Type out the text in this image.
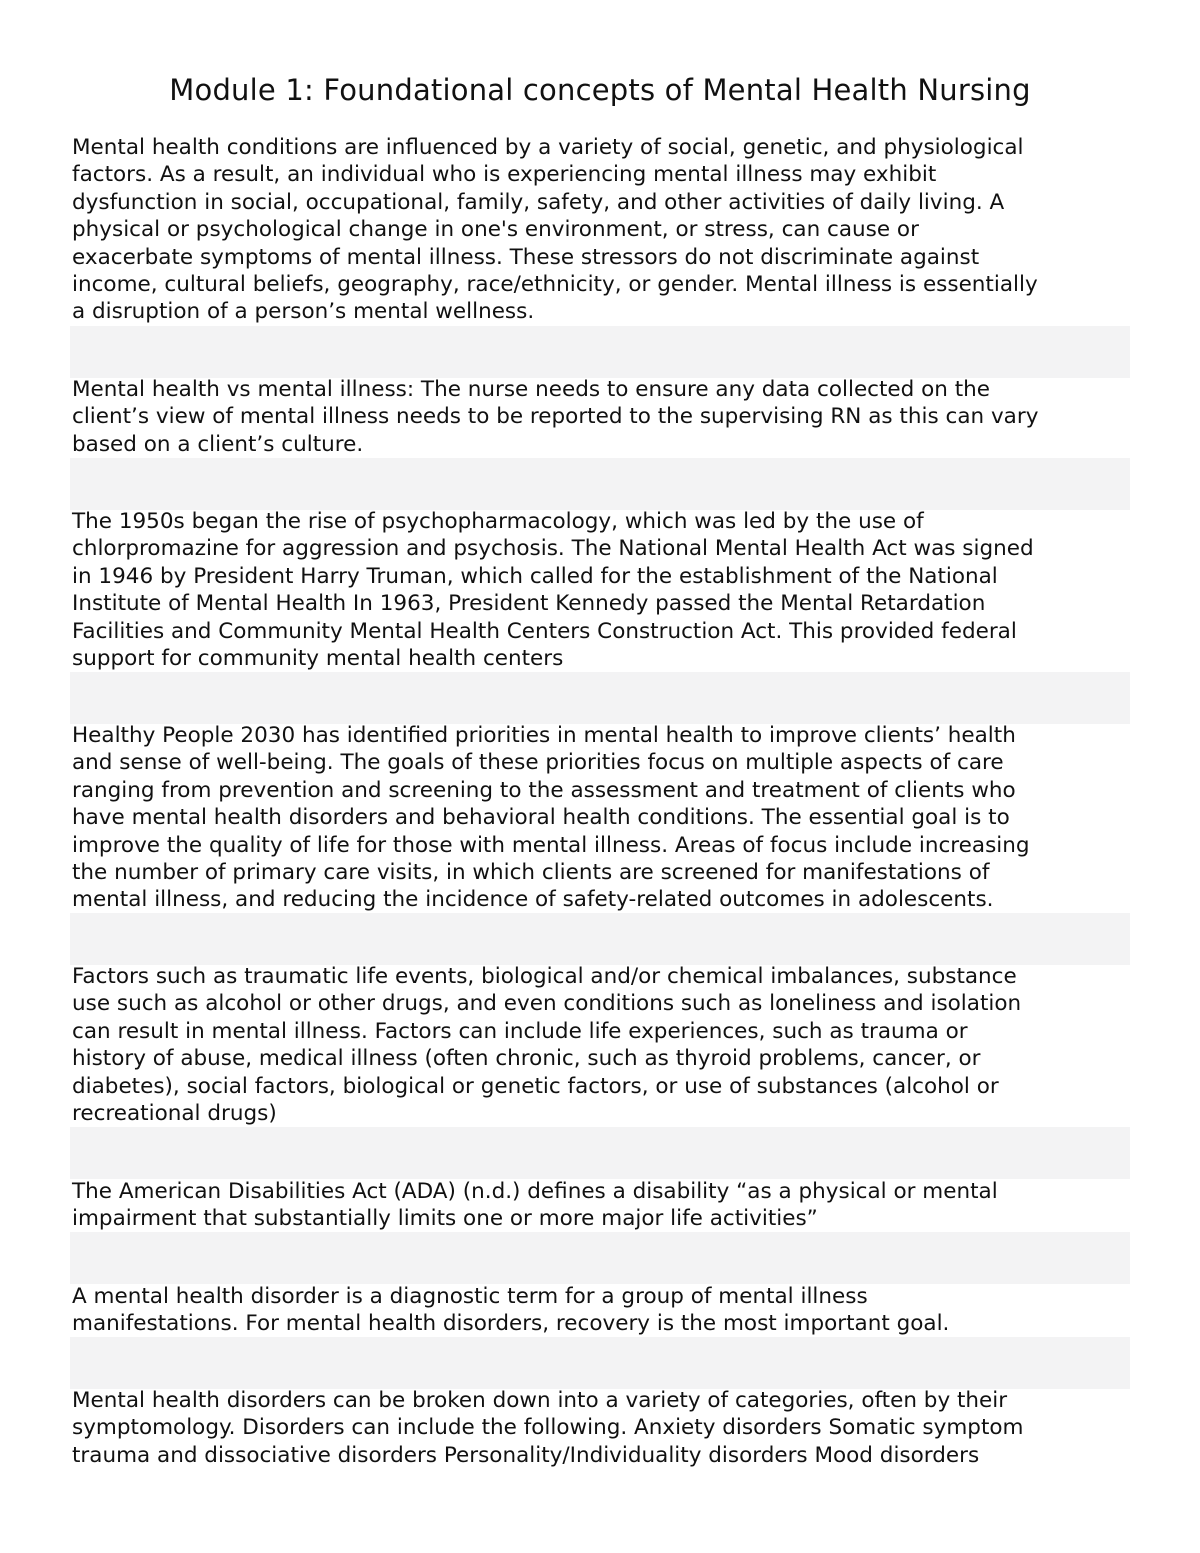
Module 1: Foundational concepts of Mental Health Nursing
Mental health conditions are influenced by a variety of social, genetic, and physiological
factors. As a result, an individual who is experiencing mental illness may exhibit
dysfunction in social, occupational, family, safety, and other activities of daily living. A
physical or psychological change in one's environment, or stress, can cause or
exacerbate symptoms of mental illness. These stressors do not discriminate against
income, cultural beliefs, geography, race/ethnicity, or gender. Mental illness is essentially
a disruption of a person’s mental wellness.
Mental health vs mental illness: The nurse needs to ensure any data collected on the
client’s view of mental illness needs to be reported to the supervising RN as this can vary
based on a client’s culture.
The 1950s began the rise of psychopharmacology, which was led by the use of
chlorpromazine for aggression and psychosis. The National Mental Health Act was signed
in 1946 by President Harry Truman, which called for the establishment of the National
Institute of Mental Health In 1963, President Kennedy passed the Mental Retardation
Facilities and Community Mental Health Centers Construction Act. This provided federal
support for community mental health centers
Healthy People 2030 has identified priorities in mental health to improve clients’ health
and sense of well-being. The goals of these priorities focus on multiple aspects of care
ranging from prevention and screening to the assessment and treatment of clients who
have mental health disorders and behavioral health conditions. The essential goal is to
improve the quality of life for those with mental illness. Areas of focus include increasing
the number of primary care visits, in which clients are screened for manifestations of
mental illness, and reducing the incidence of safety-related outcomes in adolescents.
Factors such as traumatic life events, biological and/or chemical imbalances, substance
use such as alcohol or other drugs, and even conditions such as loneliness and isolation
can result in mental illness. Factors can include life experiences, such as trauma or
history of abuse, medical illness (often chronic, such as thyroid problems, cancer, or
diabetes), social factors, biological or genetic factors, or use of substances (alcohol or
recreational drugs)
The American Disabilities Act (ADA) (n.d.) defines a disability “as a physical or mental
impairment that substantially limits one or more major life activities”
A mental health disorder is a diagnostic term for a group of mental illness
manifestations. For mental health disorders, recovery is the most important goal.
Mental health disorders can be broken down into a variety of categories, often by their
symptomology. Disorders can include the following. Anxiety disorders Somatic symptom
trauma and dissociative disorders Personality/Individuality disorders Mood disorders
